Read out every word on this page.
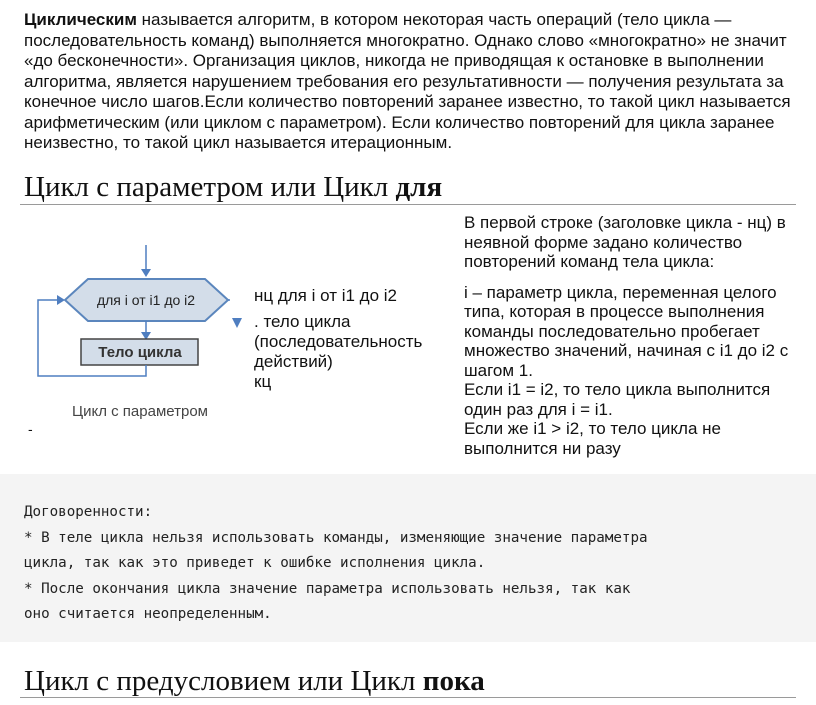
Циклическим называется алгоритм, в котором некоторая часть операций (тело цикла — последовательность команд) выполняется многократно. Однако слово «многократно» не значит «до бесконечности». Организация циклов, никогда не приводящая к остановке в выполнении алгоритма, является нарушением требования его результативности — получения результата за конечное число шагов.Если количество повторений заранее известно, то такой цикл называется арифметическим (или циклом с параметром). Если количество повторений для цикла заранее неизвестно, то такой цикл называется итерационным.
Цикл с параметром или Цикл для
для i от i1 до i2
Тело цикла
Цикл с параметром
-
нц для i от i1 до i2
. тело цикла
(последовательность
действий)
кц

В первой строке (заголовке цикла - нц) в неявной форме задано количество повторений команд тела цикла:

i – параметр цикла, переменная целого типа, которая в процессе выполнения команды последовательно пробегает множество значений, начиная с i1 до i2 с шагом 1.

Если i1 = i2, то тело цикла выполнится один раз для i = i1.

Если же i1 > i2, то тело цикла не выполнится ни разу

Договоренности:
* В теле цикла нельзя использовать команды, изменяющие значение параметра
цикла, так как это приведет к ошибке исполнения цикла.
* После окончания цикла значение параметра использовать нельзя, так как
оно считается неопределенным.
Цикл с предусловием или Цикл пока
